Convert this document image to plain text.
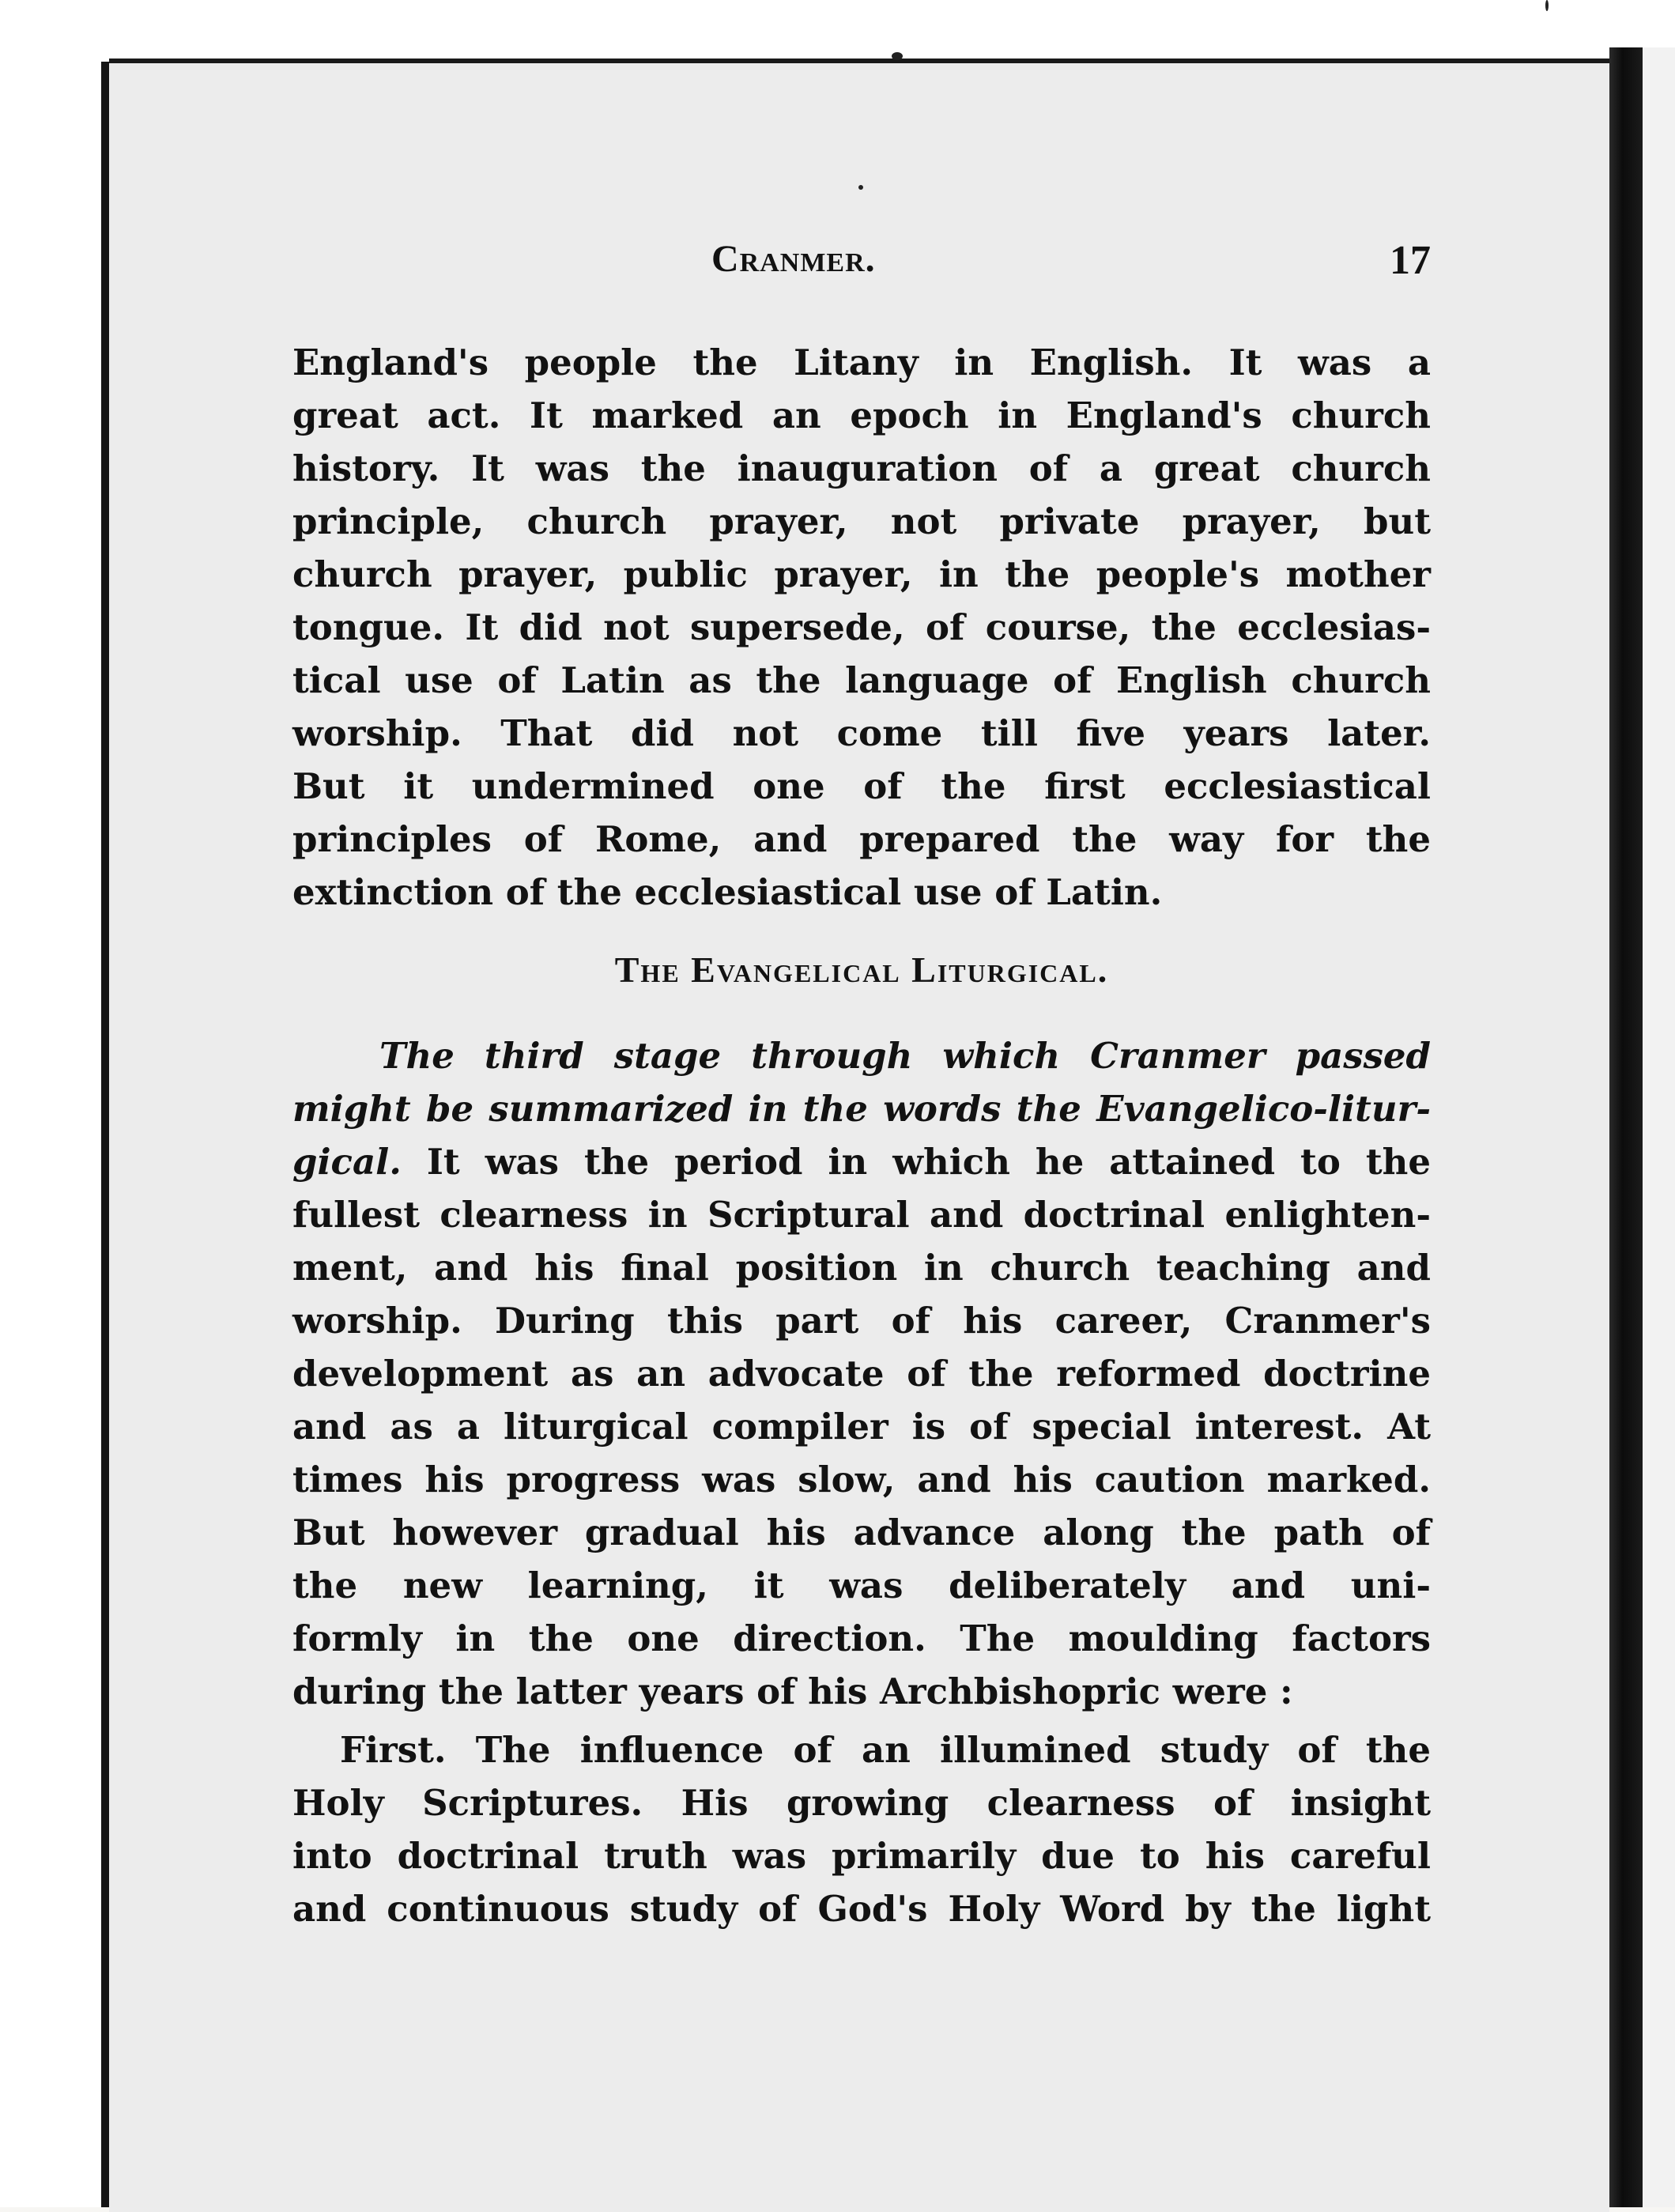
Cranmer.	17
England's people the Litany in English. It was a
great act. It marked an epoch in England's church
history. It was the inauguration of a great church
principle, church prayer, not private prayer, but
church prayer, public prayer, in the people's mother
tongue. It did not supersede, of course, the ecclesias-
tical use of Latin as the language of English church
worship. That did not come till five years later.
But it undermined one of the first ecclesiastical
principles of Rome, and prepared the way for the
extinction of the ecclesiastical use of Latin.
The Evangelical Liturgical.
The third stage through which Cranmer passed
might be summarized in the words the Evangelico-litur-
gical. It was the period in which he attained to the
fullest clearness in Scriptural and doctrinal enlighten-
ment, and his final position in church teaching and
worship. During this part of his career, Cranmer's
development as an advocate of the reformed doctrine
and as a liturgical compiler is of special interest. At
times his progress was slow, and his caution marked.
But however gradual his advance along the path of
the new learning, it was deliberately and uni-
formly in the one direction. The moulding factors
during the latter years of his Archbishopric were :
First. The influence of an illumined study of the
Holy Scriptures. His growing clearness of insight
into doctrinal truth was primarily due to his careful
and continuous study of God's Holy Word by the light
